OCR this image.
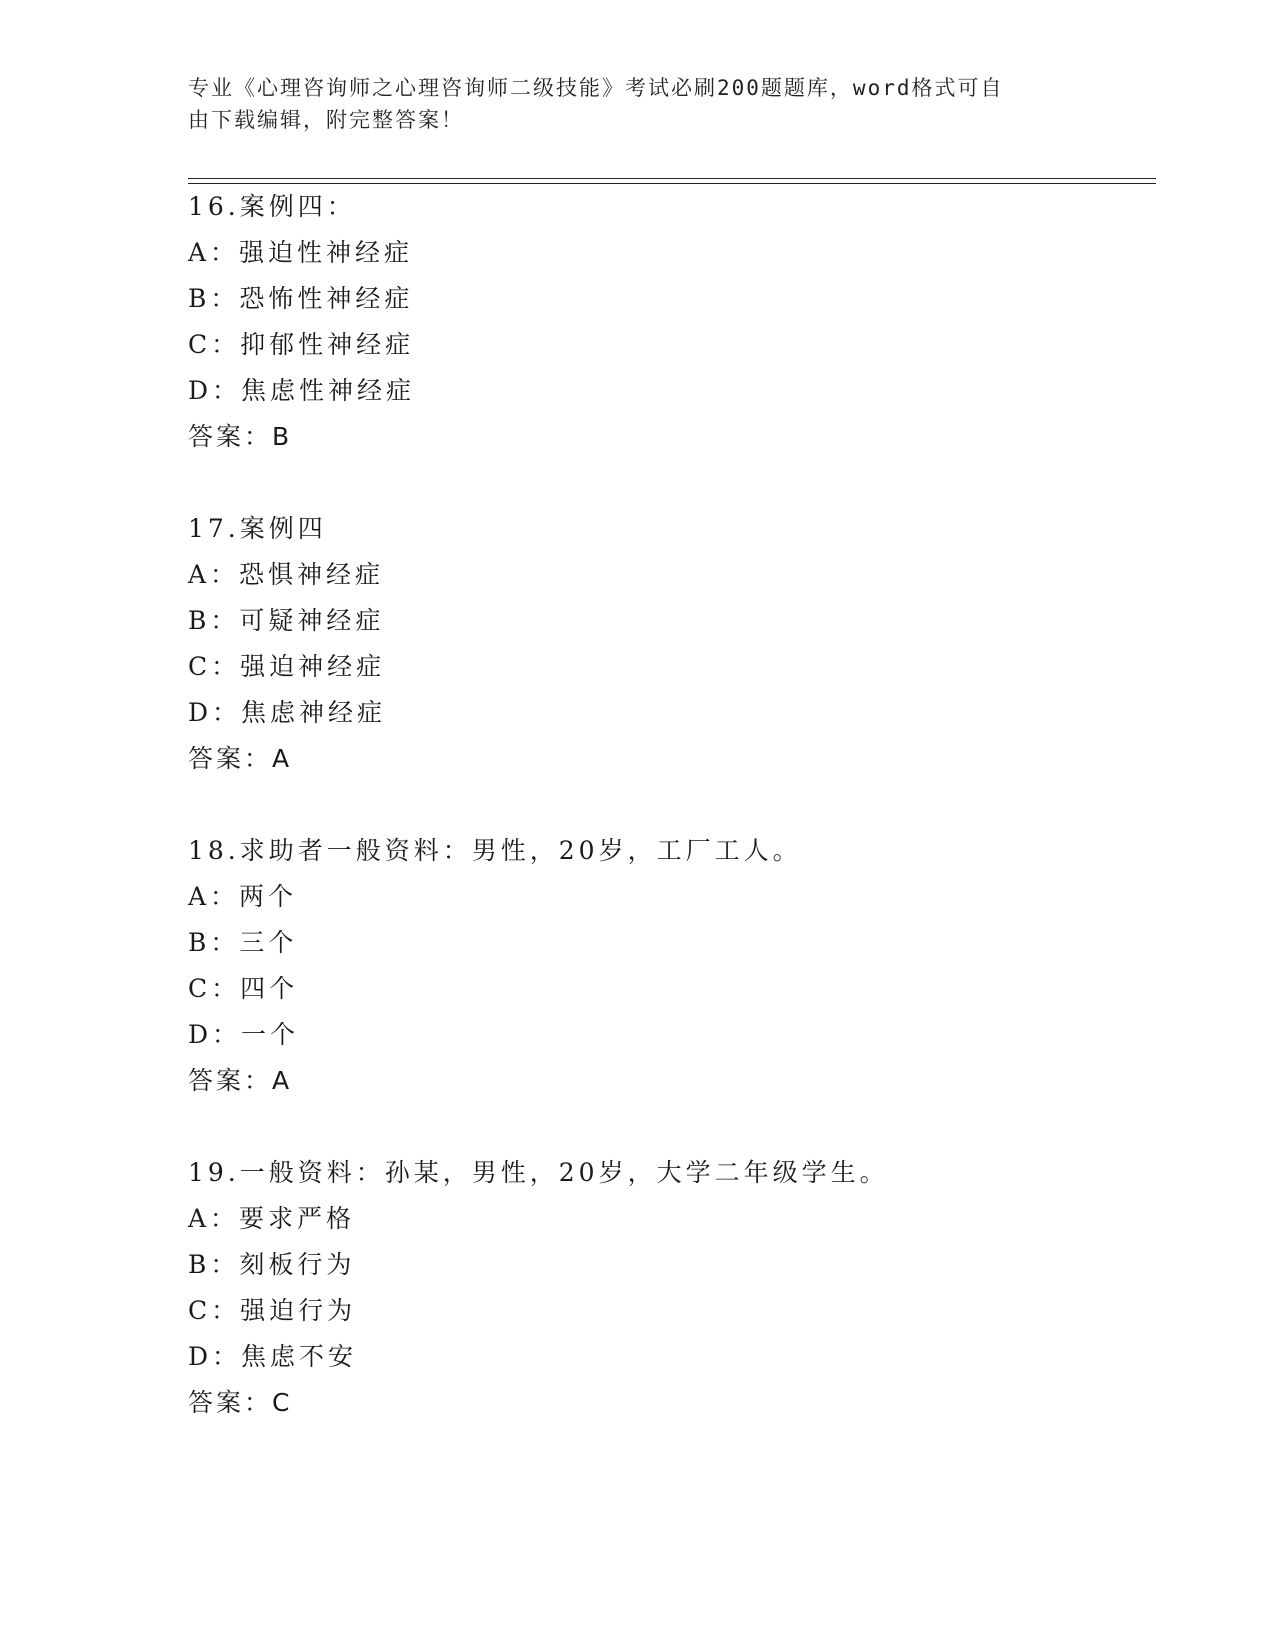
专业《心理咨询师之心理咨询师二级技能》考试必刷200题题库，word格式可自
由下载编辑，附完整答案！
16.案例四：
A：强迫性神经症
B：恐怖性神经症
C：抑郁性神经症
D：焦虑性神经症
答案：B
17.案例四
A：恐惧神经症
B：可疑神经症
C：强迫神经症
D：焦虑神经症
答案：A
18.求助者一般资料：男性，20岁，工厂工人。
A：两个
B：三个
C：四个
D：一个
答案：A
19.一般资料：孙某，男性，20岁，大学二年级学生。
A：要求严格
B：刻板行为
C：强迫行为
D：焦虑不安
答案：C
